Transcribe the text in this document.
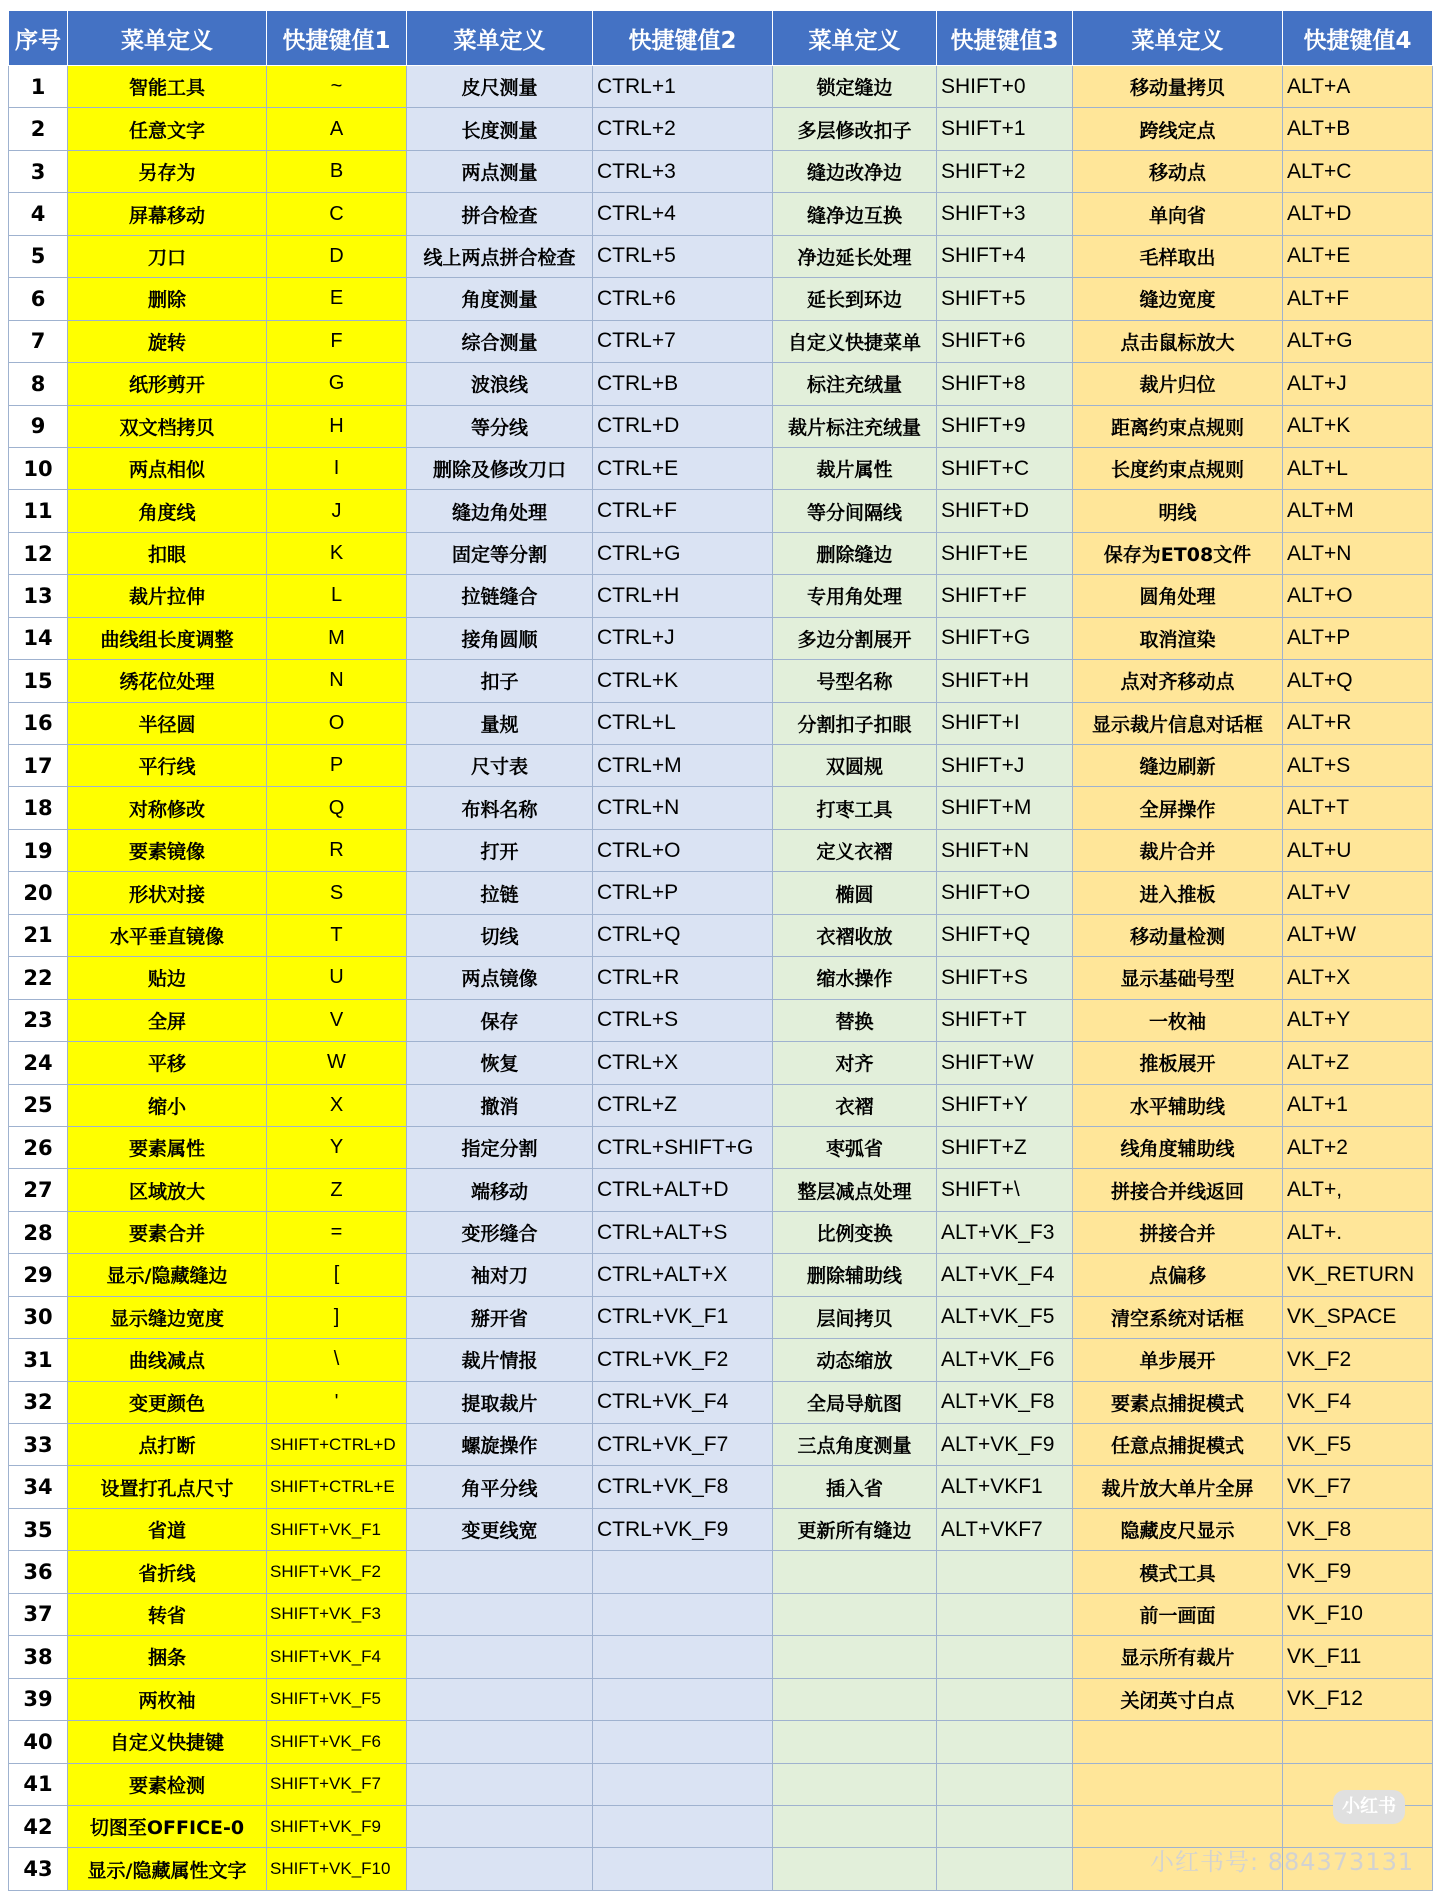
序号	菜单定义	快捷键值1	菜单定义	快捷键值2	菜单定义	快捷键值3	菜单定义	快捷键值4
1	智能工具	~	皮尺测量	CTRL+1	锁定缝边	SHIFT+0	移动量拷贝	ALT+A
2	任意文字	A	长度测量	CTRL+2	多层修改扣子	SHIFT+1	跨线定点	ALT+B
3	另存为	B	两点测量	CTRL+3	缝边改净边	SHIFT+2	移动点	ALT+C
4	屏幕移动	C	拼合检查	CTRL+4	缝净边互换	SHIFT+3	单向省	ALT+D
5	刀口	D	线上两点拼合检查	CTRL+5	净边延长处理	SHIFT+4	毛样取出	ALT+E
6	删除	E	角度测量	CTRL+6	延长到环边	SHIFT+5	缝边宽度	ALT+F
7	旋转	F	综合测量	CTRL+7	自定义快捷菜单	SHIFT+6	点击鼠标放大	ALT+G
8	纸形剪开	G	波浪线	CTRL+B	标注充绒量	SHIFT+8	裁片归位	ALT+J
9	双文档拷贝	H	等分线	CTRL+D	裁片标注充绒量	SHIFT+9	距离约束点规则	ALT+K
10	两点相似	I	删除及修改刀口	CTRL+E	裁片属性	SHIFT+C	长度约束点规则	ALT+L
11	角度线	J	缝边角处理	CTRL+F	等分间隔线	SHIFT+D	明线	ALT+M
12	扣眼	K	固定等分割	CTRL+G	删除缝边	SHIFT+E	保存为ET08文件	ALT+N
13	裁片拉伸	L	拉链缝合	CTRL+H	专用角处理	SHIFT+F	圆角处理	ALT+O
14	曲线组长度调整	M	接角圆顺	CTRL+J	多边分割展开	SHIFT+G	取消渲染	ALT+P
15	绣花位处理	N	扣子	CTRL+K	号型名称	SHIFT+H	点对齐移动点	ALT+Q
16	半径圆	O	量规	CTRL+L	分割扣子扣眼	SHIFT+I	显示裁片信息对话框	ALT+R
17	平行线	P	尺寸表	CTRL+M	双圆规	SHIFT+J	缝边刷新	ALT+S
18	对称修改	Q	布料名称	CTRL+N	打枣工具	SHIFT+M	全屏操作	ALT+T
19	要素镜像	R	打开	CTRL+O	定义衣褶	SHIFT+N	裁片合并	ALT+U
20	形状对接	S	拉链	CTRL+P	椭圆	SHIFT+O	进入推板	ALT+V
21	水平垂直镜像	T	切线	CTRL+Q	衣褶收放	SHIFT+Q	移动量检测	ALT+W
22	贴边	U	两点镜像	CTRL+R	缩水操作	SHIFT+S	显示基础号型	ALT+X
23	全屏	V	保存	CTRL+S	替换	SHIFT+T	一枚袖	ALT+Y
24	平移	W	恢复	CTRL+X	对齐	SHIFT+W	推板展开	ALT+Z
25	缩小	X	撤消	CTRL+Z	衣褶	SHIFT+Y	水平辅助线	ALT+1
26	要素属性	Y	指定分割	CTRL+SHIFT+G	枣弧省	SHIFT+Z	线角度辅助线	ALT+2
27	区域放大	Z	端移动	CTRL+ALT+D	整层减点处理	SHIFT+\	拼接合并线返回	ALT+,
28	要素合并	=	变形缝合	CTRL+ALT+S	比例变换	ALT+VK_F3	拼接合并	ALT+.
29	显示/隐藏缝边	[	袖对刀	CTRL+ALT+X	删除辅助线	ALT+VK_F4	点偏移	VK_RETURN
30	显示缝边宽度	]	掰开省	CTRL+VK_F1	层间拷贝	ALT+VK_F5	清空系统对话框	VK_SPACE
31	曲线减点	\	裁片情报	CTRL+VK_F2	动态缩放	ALT+VK_F6	单步展开	VK_F2
32	变更颜色	'	提取裁片	CTRL+VK_F4	全局导航图	ALT+VK_F8	要素点捕捉模式	VK_F4
33	点打断	SHIFT+CTRL+D	螺旋操作	CTRL+VK_F7	三点角度测量	ALT+VK_F9	任意点捕捉模式	VK_F5
34	设置打孔点尺寸	SHIFT+CTRL+E	角平分线	CTRL+VK_F8	插入省	ALT+VKF1	裁片放大单片全屏	VK_F7
35	省道	SHIFT+VK_F1	变更线宽	CTRL+VK_F9	更新所有缝边	ALT+VKF7	隐藏皮尺显示	VK_F8
36	省折线	SHIFT+VK_F2					模式工具	VK_F9
37	转省	SHIFT+VK_F3					前一画面	VK_F10
38	捆条	SHIFT+VK_F4					显示所有裁片	VK_F11
39	两枚袖	SHIFT+VK_F5					关闭英寸白点	VK_F12
40	自定义快捷键	SHIFT+VK_F6						
41	要素检测	SHIFT+VK_F7						
42	切图至OFFICE-0	SHIFT+VK_F9						
43	显示/隐藏属性文字	SHIFT+VK_F10						
小红书
小红书号: 884373131
